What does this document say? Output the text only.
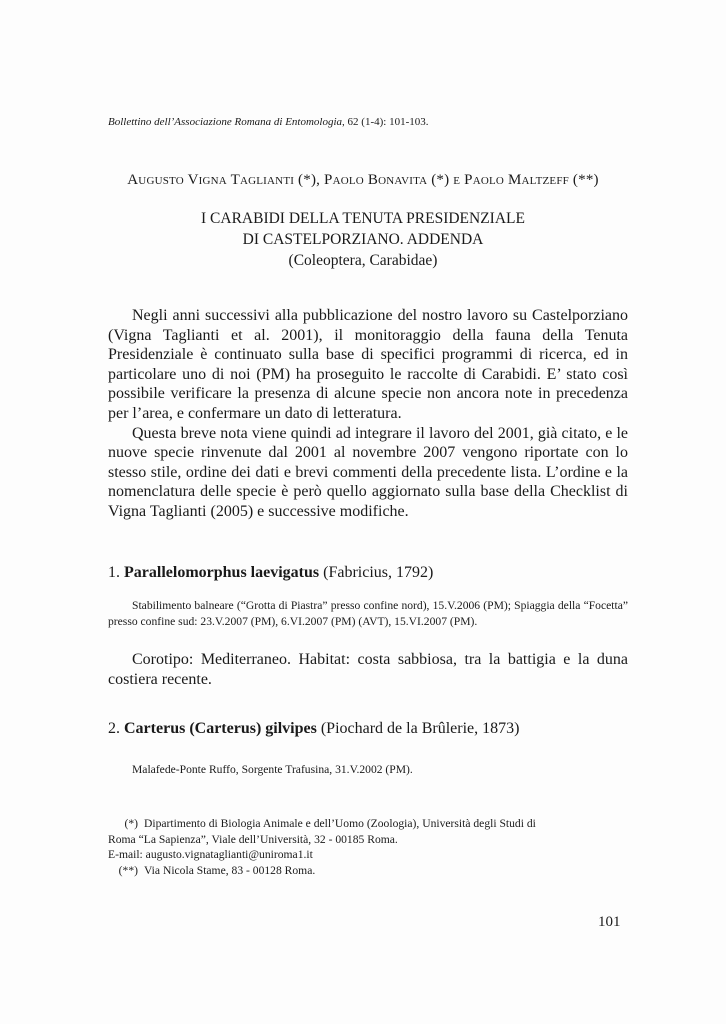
Bollettino dell’Associazione Romana di Entomologia, 62 (1-4): 101-103.
Augusto Vigna Taglianti (*), Paolo Bonavita (*) e Paolo Maltzeff (**)
I CARABIDI DELLA TENUTA PRESIDENZIALE
DI CASTELPORZIANO. ADDENDA
(Coleoptera, Carabidae)

Negli anni successivi alla pubblicazione del nostro lavoro su Castelporziano (Vigna Taglianti et al. 2001), il monitoraggio della fauna della Tenuta Presidenziale è continuato sulla base di specifici programmi di ricerca, ed in particolare uno di noi (PM) ha proseguito le raccolte di Carabidi. E’ stato così possibile verificare la presenza di alcune specie non ancora note in precedenza per l’area, e confermare un dato di letteratura.

Questa breve nota viene quindi ad integrare il lavoro del 2001, già citato, e le nuove specie rinvenute dal 2001 al novembre 2007 vengono riportate con lo stesso stile, ordine dei dati e brevi commenti della precedente lista. L’ordine e la nomenclatura delle specie è però quello aggiornato sulla base della Checklist di Vigna Taglianti (2005) e successive modifiche.

1. Parallelomorphus laevigatus (Fabricius, 1792)
Stabilimento balneare (“Grotta di Piastra” presso confine nord), 15.V.2006 (PM); Spiaggia della “Focetta” presso confine sud: 23.V.2007 (PM), 6.VI.2007 (PM) (AVT), 15.VI.2007 (PM).
Corotipo: Mediterraneo. Habitat: costa sabbiosa, tra la battigia e la duna costiera recente.
2. Carterus (Carterus) gilvipes (Piochard de la Brûlerie, 1873)
Malafede-Ponte Ruffo, Sorgente Trafusina, 31.V.2002 (PM).
(*) Dipartimento di Biologia Animale e dell’Uomo (Zoologia), Università degli Studi di
Roma “La Sapienza”, Viale dell’Università, 32 - 00185 Roma.
E-mail: augusto.vignataglianti@uniroma1.it
(**) Via Nicola Stame, 83 - 00128 Roma.
101
